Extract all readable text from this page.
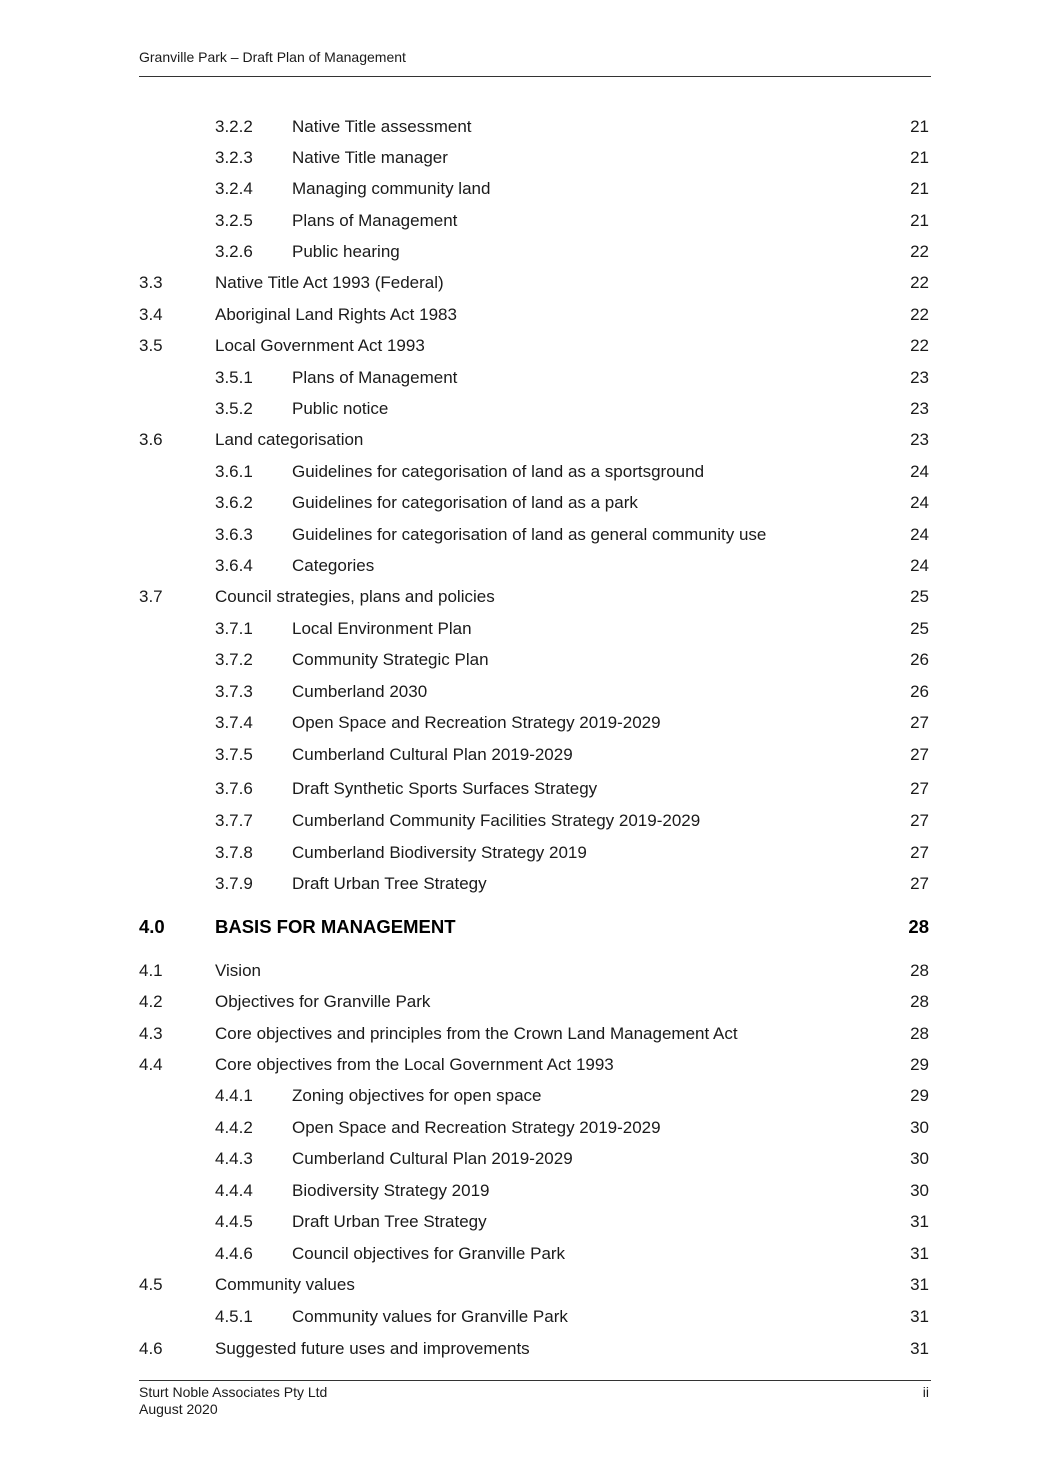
Granville Park – Draft Plan of Management
3.2.2 Native Title assessment	21
3.2.3 Native Title manager	21
3.2.4 Managing community land	21
3.2.5 Plans of Management	21
3.2.6 Public hearing	22
3.3	Native Title Act 1993 (Federal)	22
3.4	Aboriginal Land Rights Act 1983	22
3.5	Local Government Act 1993	22
3.5.1 Plans of Management	23
3.5.2 Public notice	23
3.6	Land categorisation	23
3.6.1 Guidelines for categorisation of land as a sportsground	24
3.6.2 Guidelines for categorisation of land as a park	24
3.6.3 Guidelines for categorisation of land as general community use	24
3.6.4 Categories	24
3.7	Council strategies, plans and policies	25
3.7.1 Local Environment Plan	25
3.7.2 Community Strategic Plan	26
3.7.3 Cumberland 2030	26
3.7.4 Open Space and Recreation Strategy 2019-2029	27
3.7.5 Cumberland Cultural Plan 2019-2029	27
3.7.6 Draft Synthetic Sports Surfaces Strategy	27
3.7.7 Cumberland Community Facilities Strategy 2019-2029	27
3.7.8 Cumberland Biodiversity Strategy 2019	27
3.7.9 Draft Urban Tree Strategy	27
4.0	BASIS FOR MANAGEMENT	28
4.1	Vision	28
4.2	Objectives for Granville Park	28
4.3	Core objectives and principles from the Crown Land Management Act	28
4.4	Core objectives from the Local Government Act 1993	29
4.4.1 Zoning objectives for open space	29
4.4.2 Open Space and Recreation Strategy 2019-2029	30
4.4.3 Cumberland Cultural Plan 2019-2029	30
4.4.4 Biodiversity Strategy 2019	30
4.4.5 Draft Urban Tree Strategy	31
4.4.6 Council objectives for Granville Park	31
4.5	Community values	31
4.5.1 Community values for Granville Park	31
4.6	Suggested future uses and improvements	31
Sturt Noble Associates Pty Ltd
August 2020
ii
